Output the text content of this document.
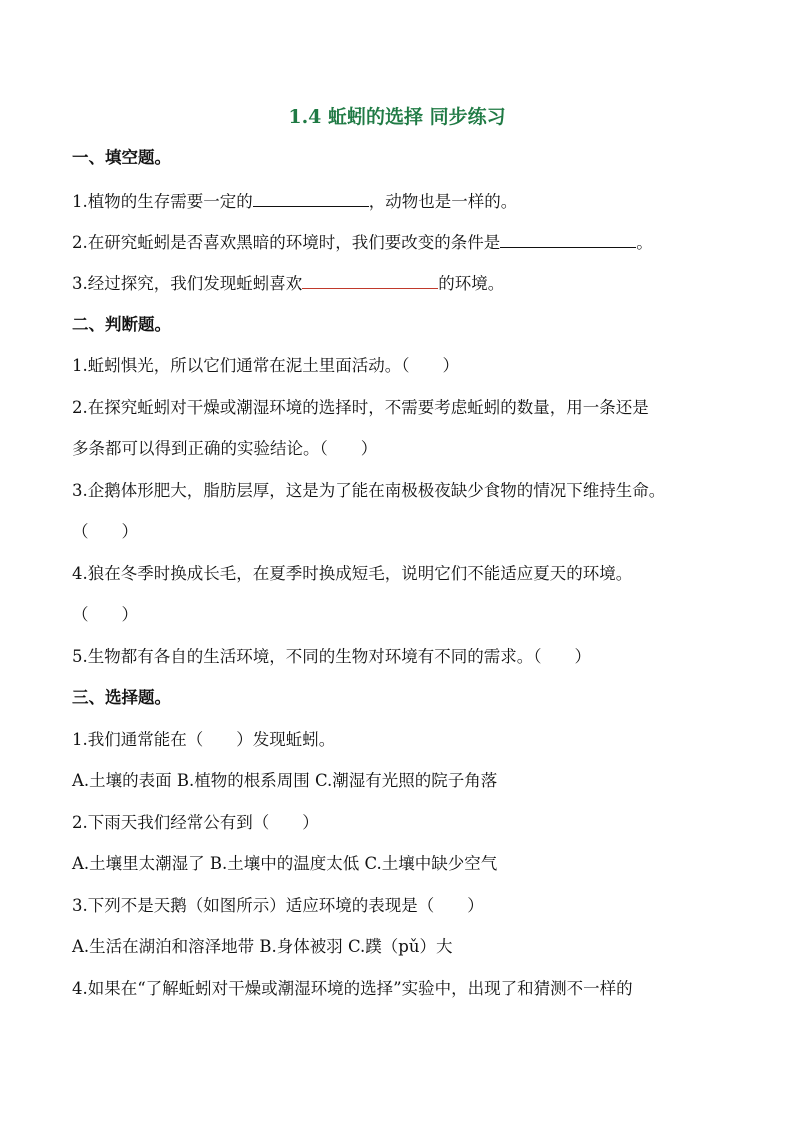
1.4 蚯蚓的选择 同步练习
一、填空题。
1.植物的生存需要一定的	，动物也是一样的。
2.在研究蚯蚓是否喜欢黑暗的环境时，我们要改变的条件是	。
3.经过探究，我们发现蚯蚓喜欢	的环境。
二、判断题。
1.蚯蚓惧光，所以它们通常在泥土里面活动。（　　）
2.在探究蚯蚓对干燥或潮湿环境的选择时，不需要考虑蚯蚓的数量，用一条还是
多条都可以得到正确的实验结论。（　　）
3.企鹅体形肥大，脂肪层厚，这是为了能在南极极夜缺少食物的情况下维持生命。
（　　）
4.狼在冬季时换成长毛，在夏季时换成短毛，说明它们不能适应夏天的环境。
（　　）
5.生物都有各自的生活环境，不同的生物对环境有不同的需求。（　　）
三、选择题。
1.我们通常能在（　　）发现蚯蚓。
A.土壤的表面 B.植物的根系周围 C.潮湿有光照的院子角落
2.下雨天我们经常公有到（　　）
A.土壤里太潮湿了 B.土壤中的温度太低 C.土壤中缺少空气
3.下列不是天鹅（如图所示）适应环境的表现是（　　）
A.生活在湖泊和溶泽地带 B.身体被羽 C.蹼（pǔ）大
4.如果在“了解蚯蚓对干燥或潮湿环境的选择”实验中，出现了和猜测不一样的
